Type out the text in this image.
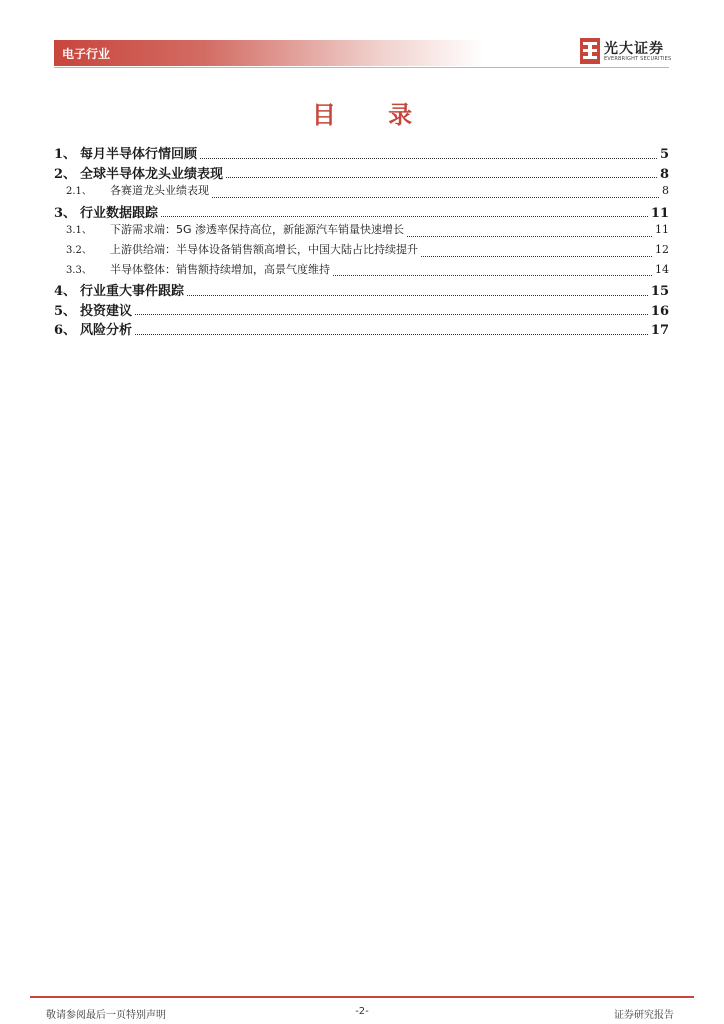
电子行业	光大证券
EVERBRIGHT SECURITIES
目 录
1、 每月半导体行情回顾	5
2、 全球半导体龙头业绩表现	8
2.1、	各赛道龙头业绩表现	8
3、 行业数据跟踪	11
3.1、	下游需求端：5G 渗透率保持高位，新能源汽车销量快速增长	11
3.2、	上游供给端：半导体设备销售额高增长，中国大陆占比持续提升	12
3.3、	半导体整体：销售额持续增加，高景气度维持	14
4、 行业重大事件跟踪	15
5、 投资建议	16
6、 风险分析	17
敬请参阅最后一页特别声明	-2-	证券研究报告
